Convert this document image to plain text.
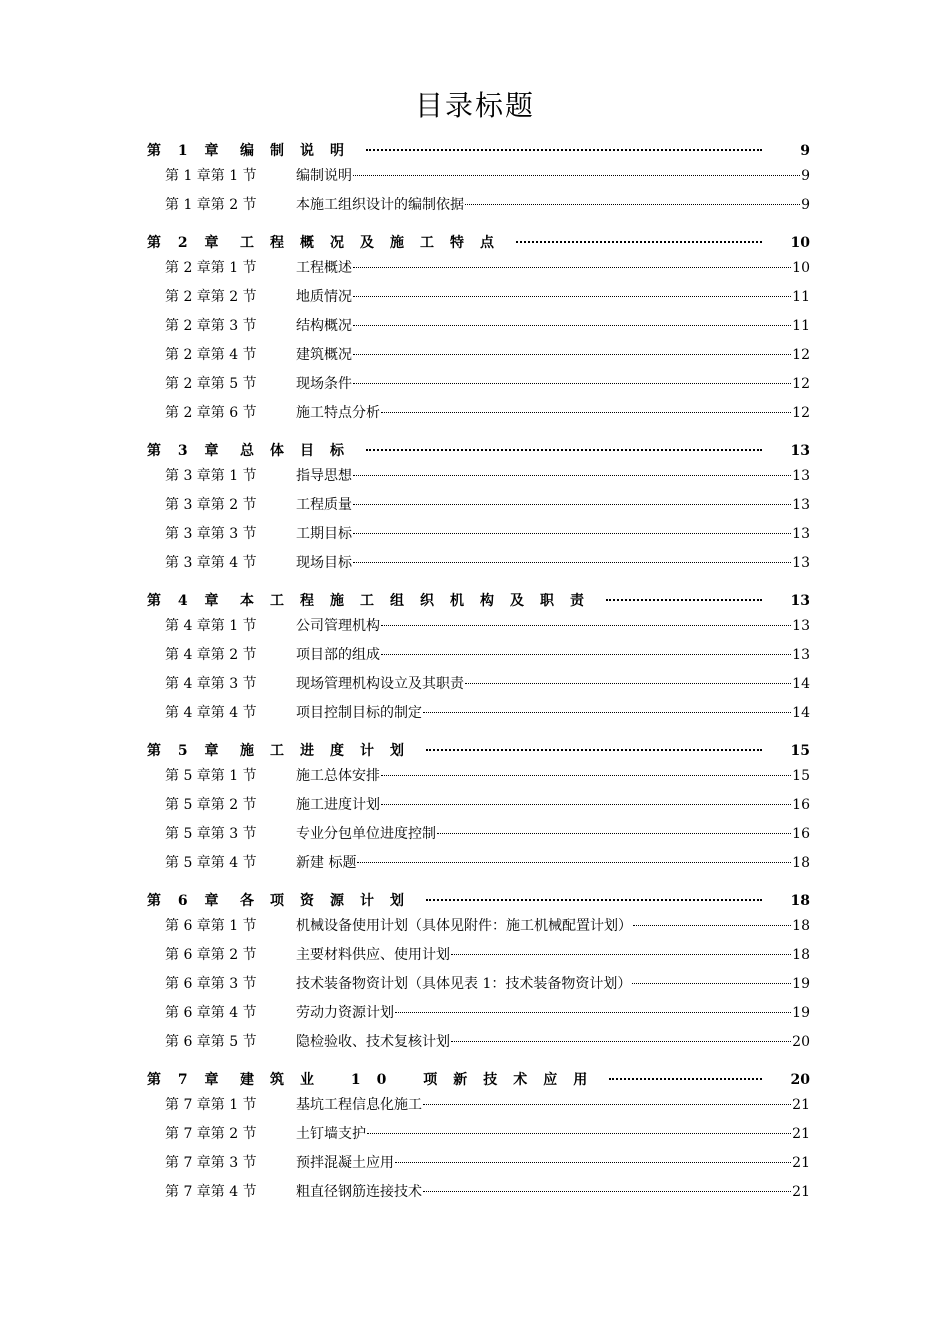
目录标题
第 1 章	编制说明	9
第 1 章第 1 节	编制说明	9
第 1 章第 2 节	本施工组织设计的编制依据	9
第 2 章	工程概况及施工特点	10
第 2 章第 1 节	工程概述	10
第 2 章第 2 节	地质情况	11
第 2 章第 3 节	结构概况	11
第 2 章第 4 节	建筑概况	12
第 2 章第 5 节	现场条件	12
第 2 章第 6 节	施工特点分析	12
第 3 章	总体目标	13
第 3 章第 1 节	指导思想	13
第 3 章第 2 节	工程质量	13
第 3 章第 3 节	工期目标	13
第 3 章第 4 节	现场目标	13
第 4 章	本工程施工组织机构及职责	13
第 4 章第 1 节	公司管理机构	13
第 4 章第 2 节	项目部的组成	13
第 4 章第 3 节	现场管理机构设立及其职责	14
第 4 章第 4 节	项目控制目标的制定	14
第 5 章	施工进度计划	15
第 5 章第 1 节	施工总体安排	15
第 5 章第 2 节	施工进度计划	16
第 5 章第 3 节	专业分包单位进度控制	16
第 5 章第 4 节	新建 标题	18
第 6 章	各项资源计划	18
第 6 章第 1 节	机械设备使用计划（具体见附件：施工机械配置计划）	18
第 6 章第 2 节	主要材料供应、使用计划	18
第 6 章第 3 节	技术装备物资计划（具体见表 1：技术装备物资计划）	19
第 6 章第 4 节	劳动力资源计划	19
第 6 章第 5 节	隐检验收、技术复核计划	20
第 7 章	建筑业 10 项新技术应用	20
第 7 章第 1 节	基坑工程信息化施工	21
第 7 章第 2 节	土钉墙支护	21
第 7 章第 3 节	预拌混凝土应用	21
第 7 章第 4 节	粗直径钢筋连接技术	21
